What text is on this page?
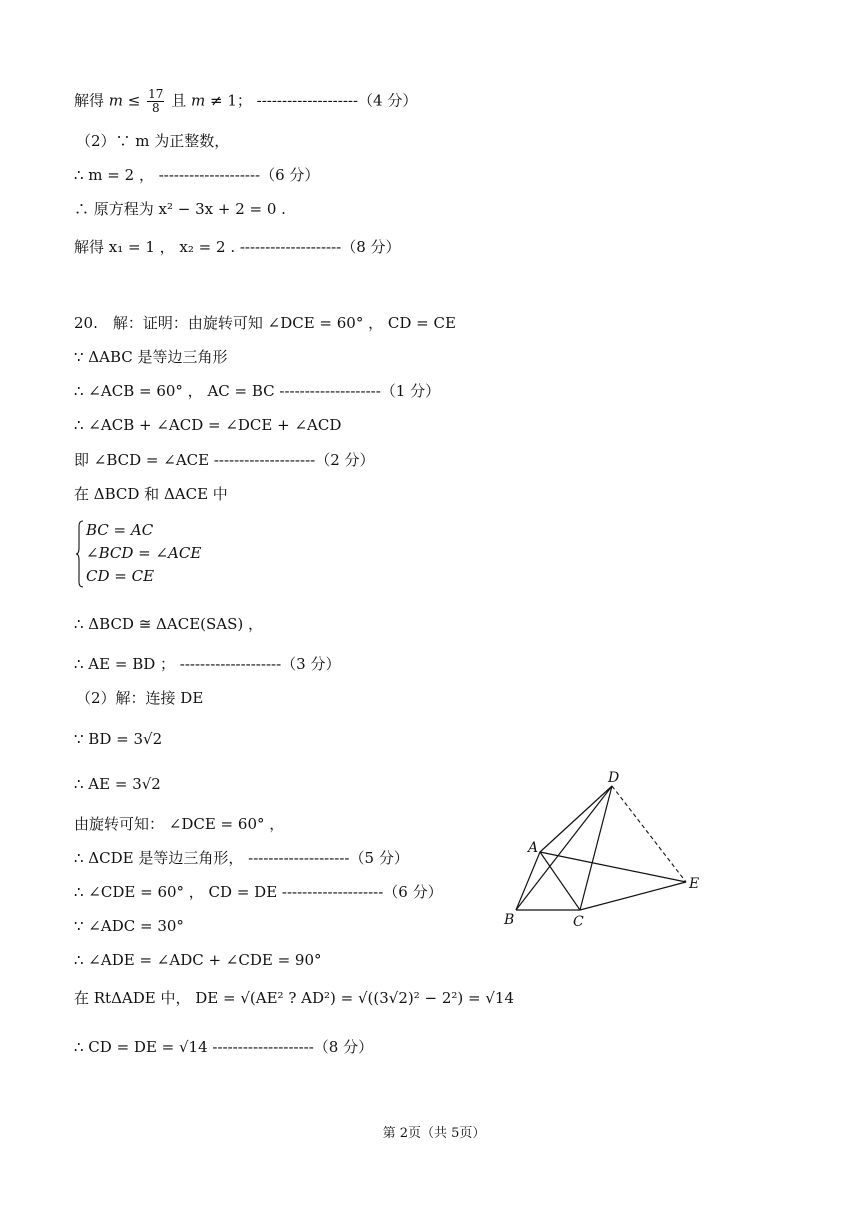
解得 $m \le \frac{17}{8}$ 且 m ≠ 1； --------------------（4 分）
（2）∵ m 为正整数，
∴ m = 2 ， --------------------（6 分）
∴ 原方程为 x² − 3x + 2 = 0 .
解得 x₁ = 1 ， x₂ = 2 . --------------------（8 分）
20.　解：证明：由旋转可知 ∠DCE = 60° ， CD = CE
∵ ΔABC 是等边三角形
∴ ∠ACB = 60° ， AC = BC --------------------（1 分）
∴ ∠ACB + ∠ACD = ∠DCE + ∠ACD
即 ∠BCD = ∠ACE --------------------（2 分）
在 ΔBCD 和 ΔACE 中
BC = AC
∠BCD = ∠ACE
CD = CE
∴ ΔBCD ≅ ΔACE(SAS) ，
∴ AE = BD ； --------------------（3 分）
（2）解：连接 DE
∵ BD = 3√2
∴ AE = 3√2
由旋转可知： ∠DCE = 60° ，
∴ ΔCDE 是等边三角形， --------------------（5 分）
∴ ∠CDE = 60° ， CD = DE --------------------（6 分）
∵ ∠ADC = 30°
∴ ∠ADE = ∠ADC + ∠CDE = 90°
在 RtΔADE 中， DE = √(AE² ? AD²) = √((3√2)² − 2²) = √14
∴ CD = DE = √14 --------------------（8 分）
D
A
B	C
E
第 2页（共 5页）
